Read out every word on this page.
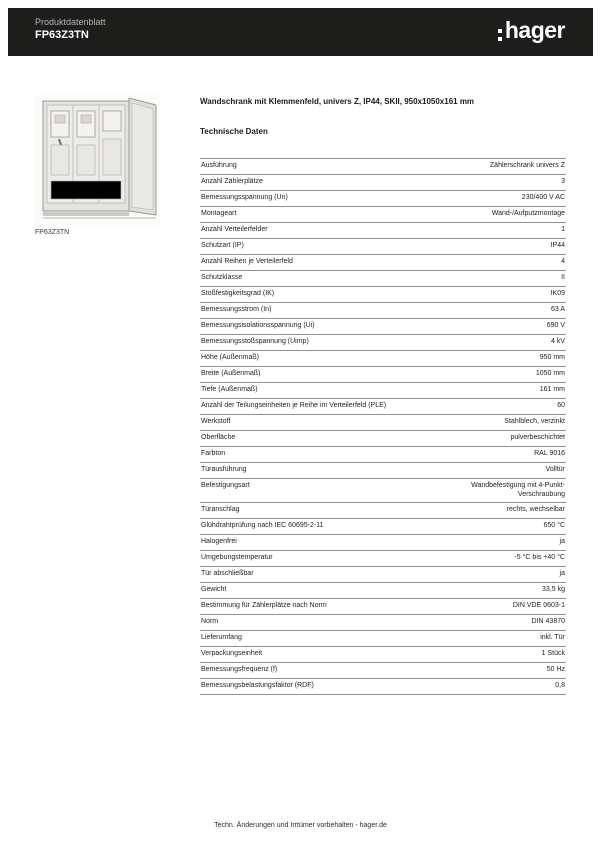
Produktdatenblatt
FP63Z3TN	hager
FP63Z3TN
Wandschrank mit Klemmenfeld, univers Z, IP44, SKII, 950x1050x161 mm
Technische Daten
Ausführung	Zählerschrank univers Z
Anzahl Zählerplätze	3
Bemessungsspannung (Un)	230/400 V AC
Montageart	Wand-/Aufputzmontage
Anzahl Verteilerfelder	1
Schutzart (IP)	IP44
Anzahl Reihen je Verteilerfeld	4
Schutzklasse	II
Stoßfestigkeitsgrad (IK)	IK09
Bemessungsstrom (In)	63 A
Bemessungsisolationsspannung (Ui)	690 V
Bemessungsstoßspannung (Uimp)	4 kV
Höhe (Außenmaß)	950 mm
Breite (Außenmaß)	1050 mm
Tiefe (Außenmaß)	161 mm
Anzahl der Teilungseinheiten je Reihe im Verteilerfeld (PLE)	60
Werkstoff	Stahlblech, verzinkt
Oberfläche	pulverbeschichtet
Farbton	RAL 9016
Türausführung	Volltür
Befestigungsart	Wandbefestigung mit 4-Punkt-Verschraubung
Türanschlag	rechts, wechselbar
Glühdrahtprüfung nach IEC 60695-2-11	650 °C
Halogenfrei	ja
Umgebungstemperatur	-5 °C bis +40 °C
Tür abschließbar	ja
Gewicht	33,5 kg
Bestimmung für Zählerplätze nach Norm	DIN VDE 0603-1
Norm	DIN 43870
Lieferumfang	inkl. Tür
Verpackungseinheit	1 Stück
Bemessungsfrequenz (f)	50 Hz
Bemessungsbelastungsfaktor (RDF)	0,8
Techn. Änderungen und Irrtümer vorbehalten - hager.de
